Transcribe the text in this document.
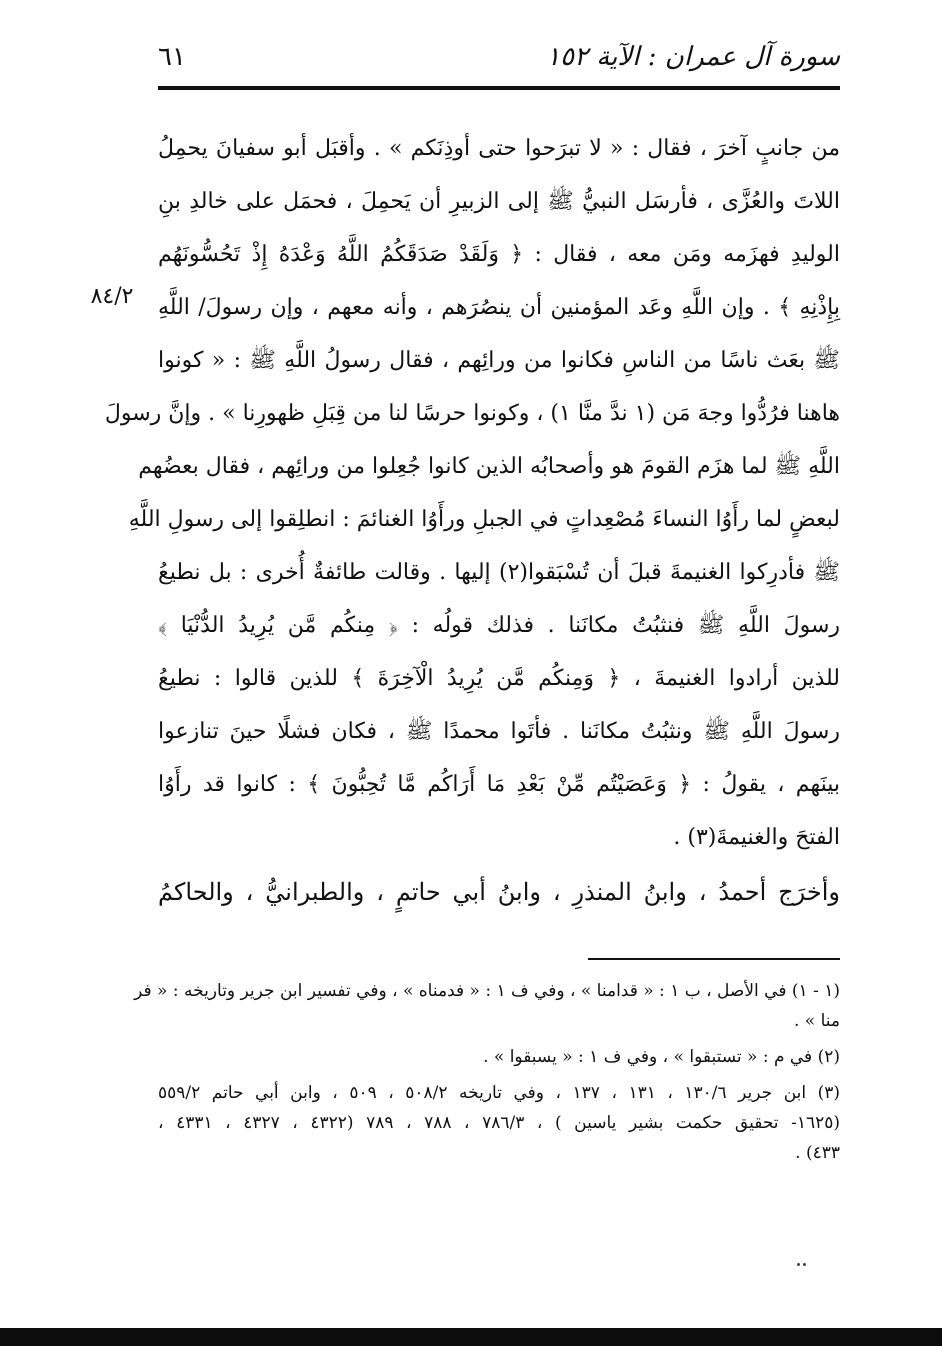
سورة آل عمران : الآية ١٥٢
٦١
٨٤/٢
من جانبٍ آخرَ ، فقال : « لا تبرَحوا حتى أوذِنَكم » . وأقبَل أبو سفيانَ يحمِلُ
اللاتَ والعُزَّى ، فأرسَل النبيُّ ﷺ إلى الزبيرِ أن يَحمِلَ ، فحمَل على خالدِ بنِ
الوليدِ فهزَمه ومَن معه ، فقال : ﴿ وَلَقَدْ صَدَقَكُمُ اللَّهُ وَعْدَهُ إِذْ تَحُسُّونَهُم
بِإِذْنِهِ ﴾ . وإن اللَّهِ وعَد المؤمنين أن ينصُرَهم ، وأنه معهم ، وإن رسولَ/ اللَّهِ
ﷺ بعَث ناسًا من الناسِ فكانوا من ورائِهم ، فقال رسولُ اللَّهِ ﷺ : « كونوا
هاهنا فرُدُّوا وجهَ مَن (١ ندَّ منَّا ١) ، وكونوا حرسًا لنا من قِبَلِ ظهورِنا » . وإنَّ رسولَ
اللَّهِ ﷺ لما هزَم القومَ هو وأصحابُه الذين كانوا جُعِلوا من ورائِهم ، فقال بعضُهم
لبعضٍ لما رأَوُا النساءَ مُصْعِداتٍ في الجبلِ ورأَوُا الغنائمَ : انطلِقوا إلى رسولِ اللَّهِ
ﷺ فأدرِكوا الغنيمةَ قبلَ أن تُسْبَقوا(٢) إليها . وقالت طائفةٌ أُخرى : بل نطيعُ
رسولَ اللَّهِ ﷺ فنثبُتُ مكانَنا . فذلك قولُه : ﴿ مِنكُم مَّن يُرِيدُ الدُّنْيَا ﴾
للذين أرادوا الغنيمةَ ، ﴿ وَمِنكُم مَّن يُرِيدُ الْآخِرَةَ ﴾ للذين قالوا : نطيعُ
رسولَ اللَّهِ ﷺ ونثبُتُ مكانَنا . فأتَوا محمدًا ﷺ ، فكان فشلًا حينَ تنازعوا
بينَهم ، يقولُ : ﴿ وَعَصَيْتُم مِّنْ بَعْدِ مَا أَرَاكُم مَّا تُحِبُّونَ ﴾ : كانوا قد رأَوُا
الفتحَ والغنيمةَ(٣) .
وأخرَج أحمدُ ، وابنُ المنذرِ ، وابنُ أبي حاتمٍ ، والطبرانيُّ ، والحاكمُ
(١ - ١) في الأصل ، ب ١ : « قدامنا » ، وفي ف ١ : « فدمناه » ، وفي تفسير ابن جرير وتاريخه : « فر
منا » .
(٢) في م : « تستبقوا » ، وفي ف ١ : « يسبقوا » .
(٣) ابن جرير ١٣٠/٦ ، ١٣١ ، ١٣٧ ، وفي تاريخه ٥٠٨/٢ ، ٥٠٩ ، وابن أبي حاتم ٥٥٩/٢
(١٦٢٥- تحقيق حكمت بشير ياسين ) ، ٧٨٦/٣ ، ٧٨٨ ، ٧٨٩ (٤٣٢٢ ، ٤٣٢٧ ، ٤٣٣١ ،
٤٣٣) .
